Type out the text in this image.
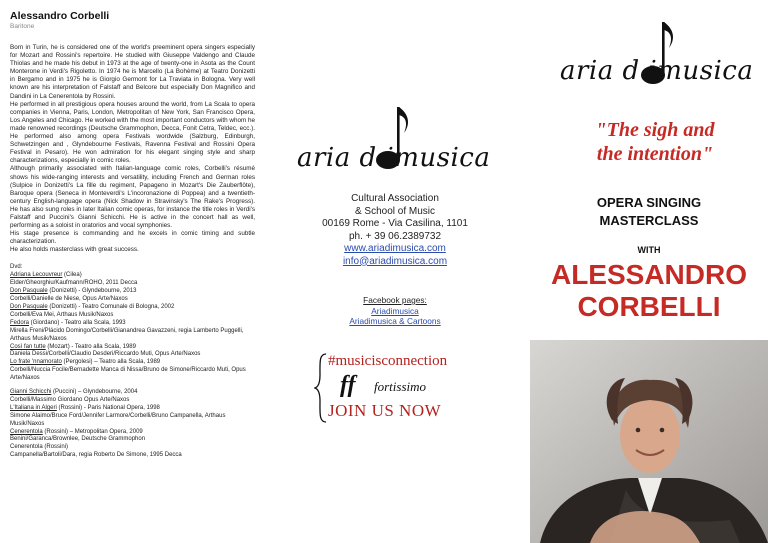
Alessandro Corbelli
Baritone

Born in Turin, he is considered one of the world's preeminent opera singers especially for Mozart and Rossini's repertoire. He studied with Giuseppe Valdengo and Claude Thiolas and he made his debut in 1973 at the age of twenty-one in Asota as the Count Monterone in Verdi's Rigoletto. In 1974 he is Marcello (La Bohème) at Teatro Donizetti in Bergamo and in 1975 he is Giorgio Germont for La Traviata in Bologna. Very well known are his interpretation of Falstaff and Belcore but especially Don Magnifico and Dandini in La Cenerentola by Rossini.

He performed in all prestigious opera houses around the world, from La Scala to opera companies in Vienna, Paris, London, Metropolitan of New York, San Francisco Opera, Los Angeles and Chicago. He worked with the most important conductors with whom he made renowned recordings (Deutsche Grammophon, Decca, Fonit Cetra, Teldec, ecc.). He performed also among opera Festivals wordwide (Salzburg, Edinburgh, Schwetzingen and , Glyndebourne Festivals, Ravenna Festival and Rossini Opera Festival in Pesaro). He won admiration for his elegant singing style and sharp characterizations, especially in comic roles.

Although primarily associated with Italian-language comic roles, Corbelli's résumé shows his wide-ranging interests and versatility, including French and German roles (Sulpice in Donizetti's La fille du regiment, Papageno in Mozart's Die Zauberflöte), Baroque opera (Seneca in Monteverdi's L'incoronazione di Poppea) and a twentieth-century English-language opera (Nick Shadow in Stravinsky's The Rake's Progress). He has also sung roles in later Italian comic operas, for instance the title roles in Verdi's Falstaff and Puccini's Gianni Schicchi. He is active in the concert hall as well, performing as a soloist in oratorios and vocal symphonies.

His stage presence is commanding and he excels in comic timing and subtle characterization.

He also holds masterclass with great success.

Dvd:
Adriana Lecouvreur (Cilea)
Elder/Gheorghiu/Kaufmann/ROHO, 2011 Decca
Don Pasquale (Donizetti) - Glyndebourne, 2013
Corbelli/Danielle de Niese, Opus Arte/Naxos
Don Pasquale (Donizetti) - Teatro Comunale di Bologna, 2002
Corbelli/Eva Mei, Arthaus Musik/Naxos
Fedora (Giordano) - Teatro alla Scala, 1993
Mirella Freni/Plácido Domingo/Corbelli/Gianandrea Gavazzeni, regia Lamberto Puggelli, Arthaus Musik/Naxos
Così fan tutte (Mozart) - Teatro alla Scala, 1989
Daniela Dessi/Corbelli/Claudio Desderi/Riccardo Muti, Opus Arte/Naxos
Lo frate 'nnamorato (Pergolesi) – Teatro alla Scala, 1989
Corbelli/Nuccia Focile/Bernadette Manca di Nissa/Bruno de Simone/Riccardo Muti, Opus Arte/Naxos
Gianni Schicchi (Puccini) – Glyndebourne, 2004
Corbelli/Massimo Giordano Opus Arte/Naxos
L'Italiana in Algeri (Rossini) - Paris National Opera, 1998
Simone Alaimo/Bruce Ford/Jennifer Larmore/Corbelli/Bruno Campanella, Arthaus Musik/Naxos
Cenerentola (Rossini) – Metropolitan Opera, 2009
Benini/Garanca/Brownlee, Deutsche Grammophon
Cenerentola (Rossini)
Campanella/Bartoli/Dara, regia Roberto De Simone, 1995 Decca
aria d imusica
Cultural Association
& School of Music
00169 Rome - Via Casilina, 1101
ph. + 39 06.2389732
www.ariadimusica.com
info@ariadimusica.com
Facebook pages:
Ariadimusica
Ariadimusica & Cartoons
#musicisconnection
ff fortissimo
JOIN US NOW
aria d imusica
"The sigh and
the intention"
OPERA SINGING
MASTERCLASS
WITH
ALESSANDRO
CORBELLI
